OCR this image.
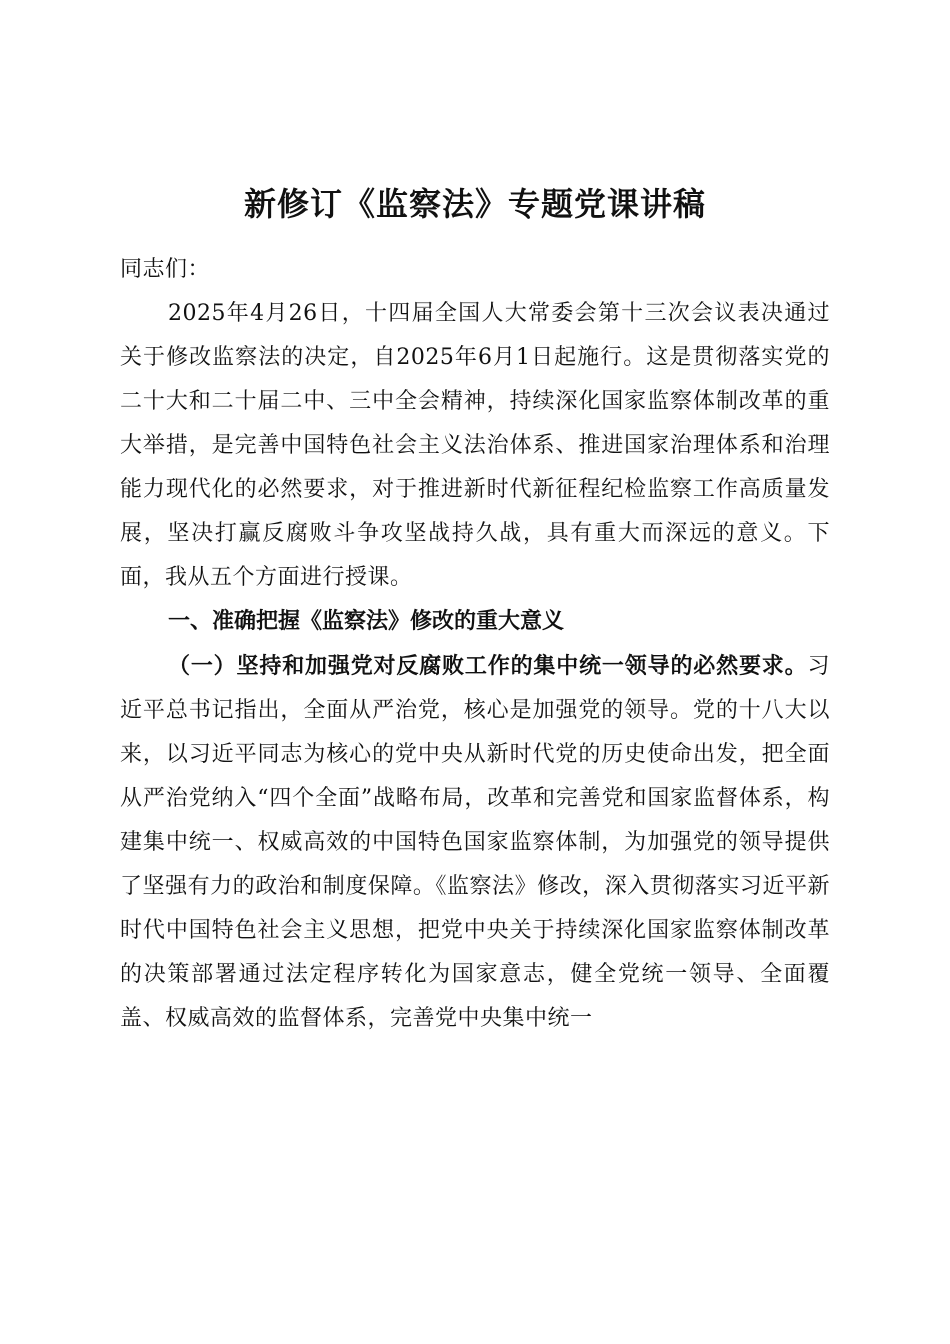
新修订《监察法》专题党课讲稿

同志们：

2025年4月26日，十四届全国人大常委会第十三次会议表决通过关于修改监察法的决定，自2025年6月1日起施行。这是贯彻落实党的二十大和二十届二中、三中全会精神，持续深化国家监察体制改革的重大举措，是完善中国特色社会主义法治体系、推进国家治理体系和治理能力现代化的必然要求，对于推进新时代新征程纪检监察工作高质量发展，坚决打赢反腐败斗争攻坚战持久战，具有重大而深远的意义。下面，我从五个方面进行授课。

一、准确把握《监察法》修改的重大意义

（一）坚持和加强党对反腐败工作的集中统一领导的必然要求。习近平总书记指出，全面从严治党，核心是加强党的领导。党的十八大以来，以习近平同志为核心的党中央从新时代党的历史使命出发，把全面从严治党纳入“四个全面”战略布局，改革和完善党和国家监督体系，构建集中统一、权威高效的中国特色国家监察体制，为加强党的领导提供了坚强有力的政治和制度保障。《监察法》修改，深入贯彻落实习近平新时代中国特色社会主义思想，把党中央关于持续深化国家监察体制改革的决策部署通过法定程序转化为国家意志，健全党统一领导、全面覆盖、权威高效的监督体系，完善党中央集中统一
